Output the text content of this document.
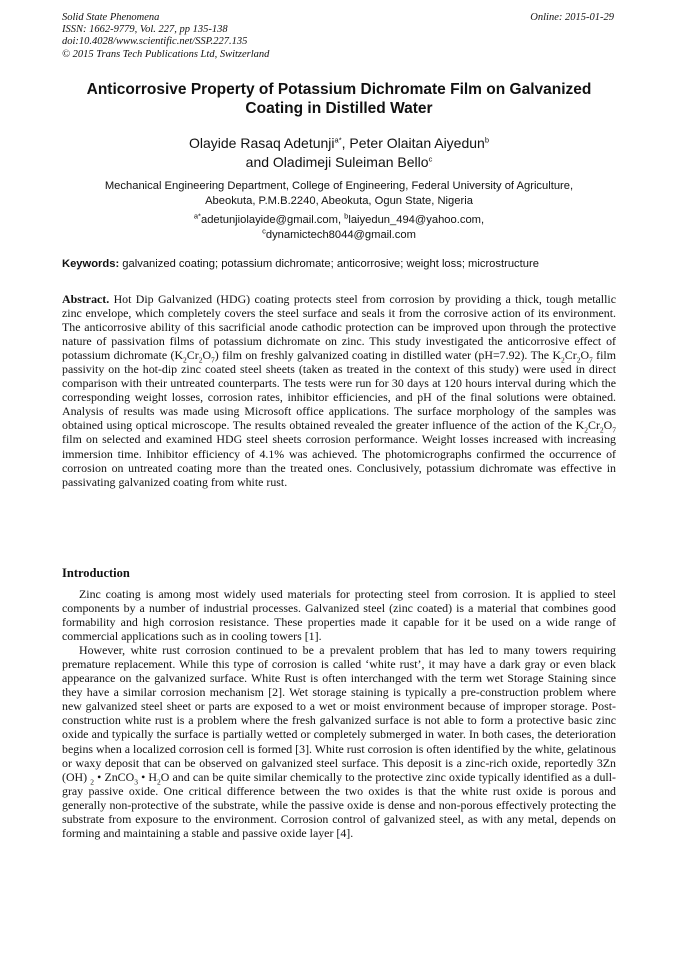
Solid State Phenomena
ISSN: 1662-9779, Vol. 227, pp 135-138
doi:10.4028/www.scientific.net/SSP.227.135
© 2015 Trans Tech Publications Ltd, Switzerland
Online: 2015-01-29
Anticorrosive Property of Potassium Dichromate Film on Galvanized
Coating in Distilled Water
Olayide Rasaq Adetunji$^{a*}$, Peter Olaitan Aiyedun$^b$
and Oladimeji Suleiman Bello$^c$
Mechanical Engineering Department, College of Engineering, Federal University of Agriculture,
Abeokuta, P.M.B.2240, Abeokuta, Ogun State, Nigeria
$^{a*}$adetunjiolayide@gmail.com, $^b$laiyedun_494@yahoo.com,
$^c$dynamictech8044@gmail.com
Keywords: galvanized coating; potassium dichromate; anticorrosive; weight loss; microstructure

Abstract. Hot Dip Galvanized (HDG) coating protects steel from corrosion by providing a thick, tough metallic zinc envelope, which completely covers the steel surface and seals it from the corrosive action of its environment. The anticorrosive ability of this sacrificial anode cathodic protection can be improved upon through the protective nature of passivation films of potassium dichromate on zinc. This study investigated the anticorrosive effect of potassium dichromate $(K_2Cr_2O_7)$ film on freshly galvanized coating in distilled water (pH=7.92). The $K_2Cr_2O_7$ film passivity on the hot-dip zinc coated steel sheets (taken as treated in the context of this study) were used in direct comparison with their untreated counterparts. The tests were run for 30 days at 120 hours interval during which the corresponding weight losses, corrosion rates, inhibitor efficiencies, and pH of the final solutions were obtained. Analysis of results was made using Microsoft office applications. The surface morphology of the samples was obtained using optical microscope. The results obtained revealed the greater influence of the action of the $K_2Cr_2O_7$ film on selected and examined HDG steel sheets corrosion performance. Weight losses increased with increasing immersion time. Inhibitor efficiency of 4.1% was achieved. The photomicrographs confirmed the occurrence of corrosion on untreated coating more than the treated ones. Conclusively, potassium dichromate was effective in passivating galvanized coating from white rust.

Introduction

Zinc coating is among most widely used materials for protecting steel from corrosion. It is applied to steel components by a number of industrial processes. Galvanized steel (zinc coated) is a material that combines good formability and high corrosion resistance. These properties made it capable for it be used on a wide range of commercial applications such as in cooling towers [1].

However, white rust corrosion continued to be a prevalent problem that has led to many towers requiring premature replacement. While this type of corrosion is called ‘white rust’, it may have a dark gray or even black appearance on the galvanized surface. White Rust is often interchanged with the term wet Storage Staining since they have a similar corrosion mechanism [2]. Wet storage staining is typically a pre-construction problem where new galvanized steel sheet or parts are exposed to a wet or moist environment because of improper storage. Post-construction white rust is a problem where the fresh galvanized surface is not able to form a protective basic zinc oxide and typically the surface is partially wetted or completely submerged in water. In both cases, the deterioration begins when a localized corrosion cell is formed [3]. White rust corrosion is often identified by the white, gelatinous or waxy deposit that can be observed on galvanized steel surface. This deposit is a zinc-rich oxide, reportedly 3Zn (OH) $_2$ • ZnCO$_3$ • $H_2O$ and can be quite similar chemically to the protective zinc oxide typically identified as a dull-gray passive oxide. One critical difference between the two oxides is that the white rust oxide is porous and generally non-protective of the substrate, while the passive oxide is dense and non-porous effectively protecting the substrate from exposure to the environment. Corrosion control of galvanized steel, as with any metal, depends on forming and maintaining a stable and passive oxide layer [4].
